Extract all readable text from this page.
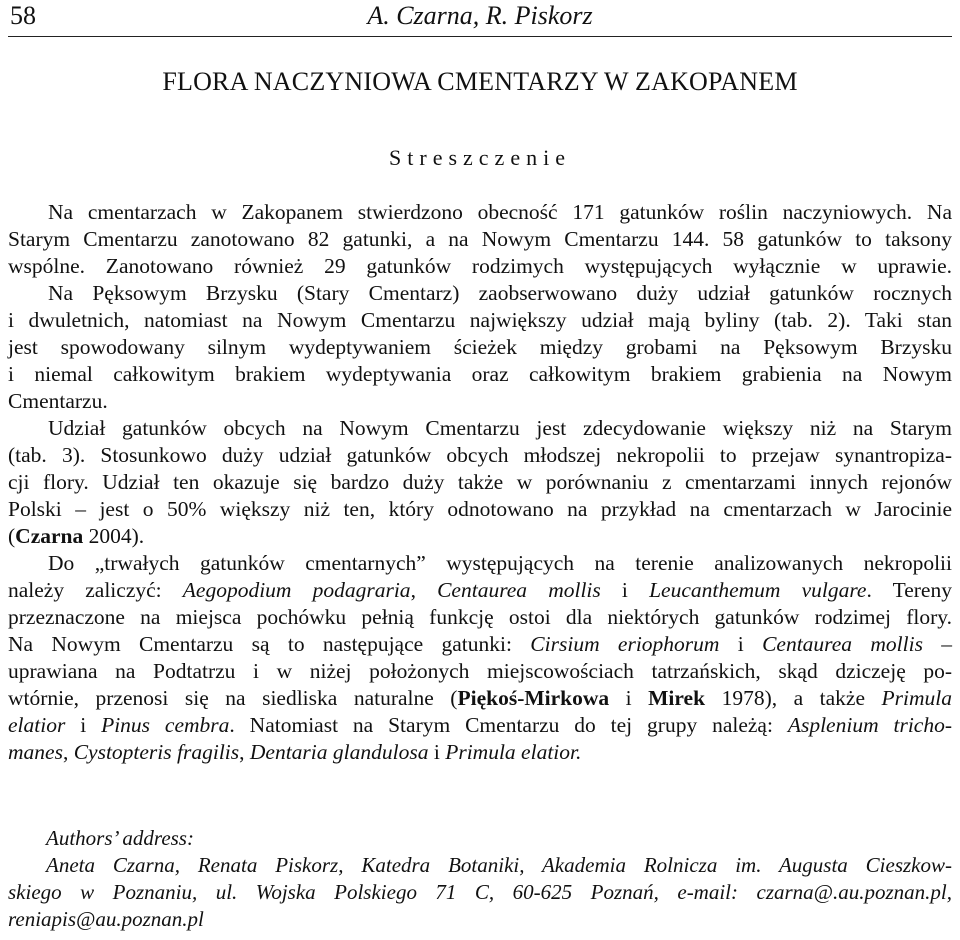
58	A. Czarna, R. Piskorz
FLORA NACZYNIOWA CMENTARZY W ZAKOPANEM
Streszczenie
Na cmentarzach w Zakopanem stwierdzono obecność 171 gatunków roślin naczyniowych. Na
Starym Cmentarzu zanotowano 82 gatunki, a na Nowym Cmentarzu 144. 58 gatunków to taksony
wspólne. Zanotowano również 29 gatunków rodzimych występujących wyłącznie w uprawie.
Na Pęksowym Brzysku (Stary Cmentarz) zaobserwowano duży udział gatunków rocznych
i dwuletnich, natomiast na Nowym Cmentarzu największy udział mają byliny (tab. 2). Taki stan
jest spowodowany silnym wydeptywaniem ścieżek między grobami na Pęksowym Brzysku
i niemal całkowitym brakiem wydeptywania oraz całkowitym brakiem grabienia na Nowym
Cmentarzu.
Udział gatunków obcych na Nowym Cmentarzu jest zdecydowanie większy niż na Starym
(tab. 3). Stosunkowo duży udział gatunków obcych młodszej nekropolii to przejaw synantropiza-
cji flory. Udział ten okazuje się bardzo duży także w porównaniu z cmentarzami innych rejonów
Polski – jest o 50% większy niż ten, który odnotowano na przykład na cmentarzach w Jarocinie
(Czarna 2004).
Do „trwałych gatunków cmentarnych” występujących na terenie analizowanych nekropolii
należy zaliczyć: Aegopodium podagraria, Centaurea mollis i Leucanthemum vulgare. Tereny
przeznaczone na miejsca pochówku pełnią funkcję ostoi dla niektórych gatunków rodzimej flory.
Na Nowym Cmentarzu są to następujące gatunki: Cirsium eriophorum i Centaurea mollis –
uprawiana na Podtatrzu i w niżej położonych miejscowościach tatrzańskich, skąd dziczeję po-
wtórnie, przenosi się na siedliska naturalne (Piękoś-Mirkowa i Mirek 1978), a także Primula
elatior i Pinus cembra. Natomiast na Starym Cmentarzu do tej grupy należą: Asplenium tricho-
manes, Cystopteris fragilis, Dentaria glandulosa i Primula elatior.
Authors’ address:
Aneta Czarna, Renata Piskorz, Katedra Botaniki, Akademia Rolnicza im. Augusta Cieszkow-
skiego w Poznaniu, ul. Wojska Polskiego 71 C, 60-625 Poznań, e-mail: czarna@.au.poznan.pl,
reniapis@au.poznan.pl
